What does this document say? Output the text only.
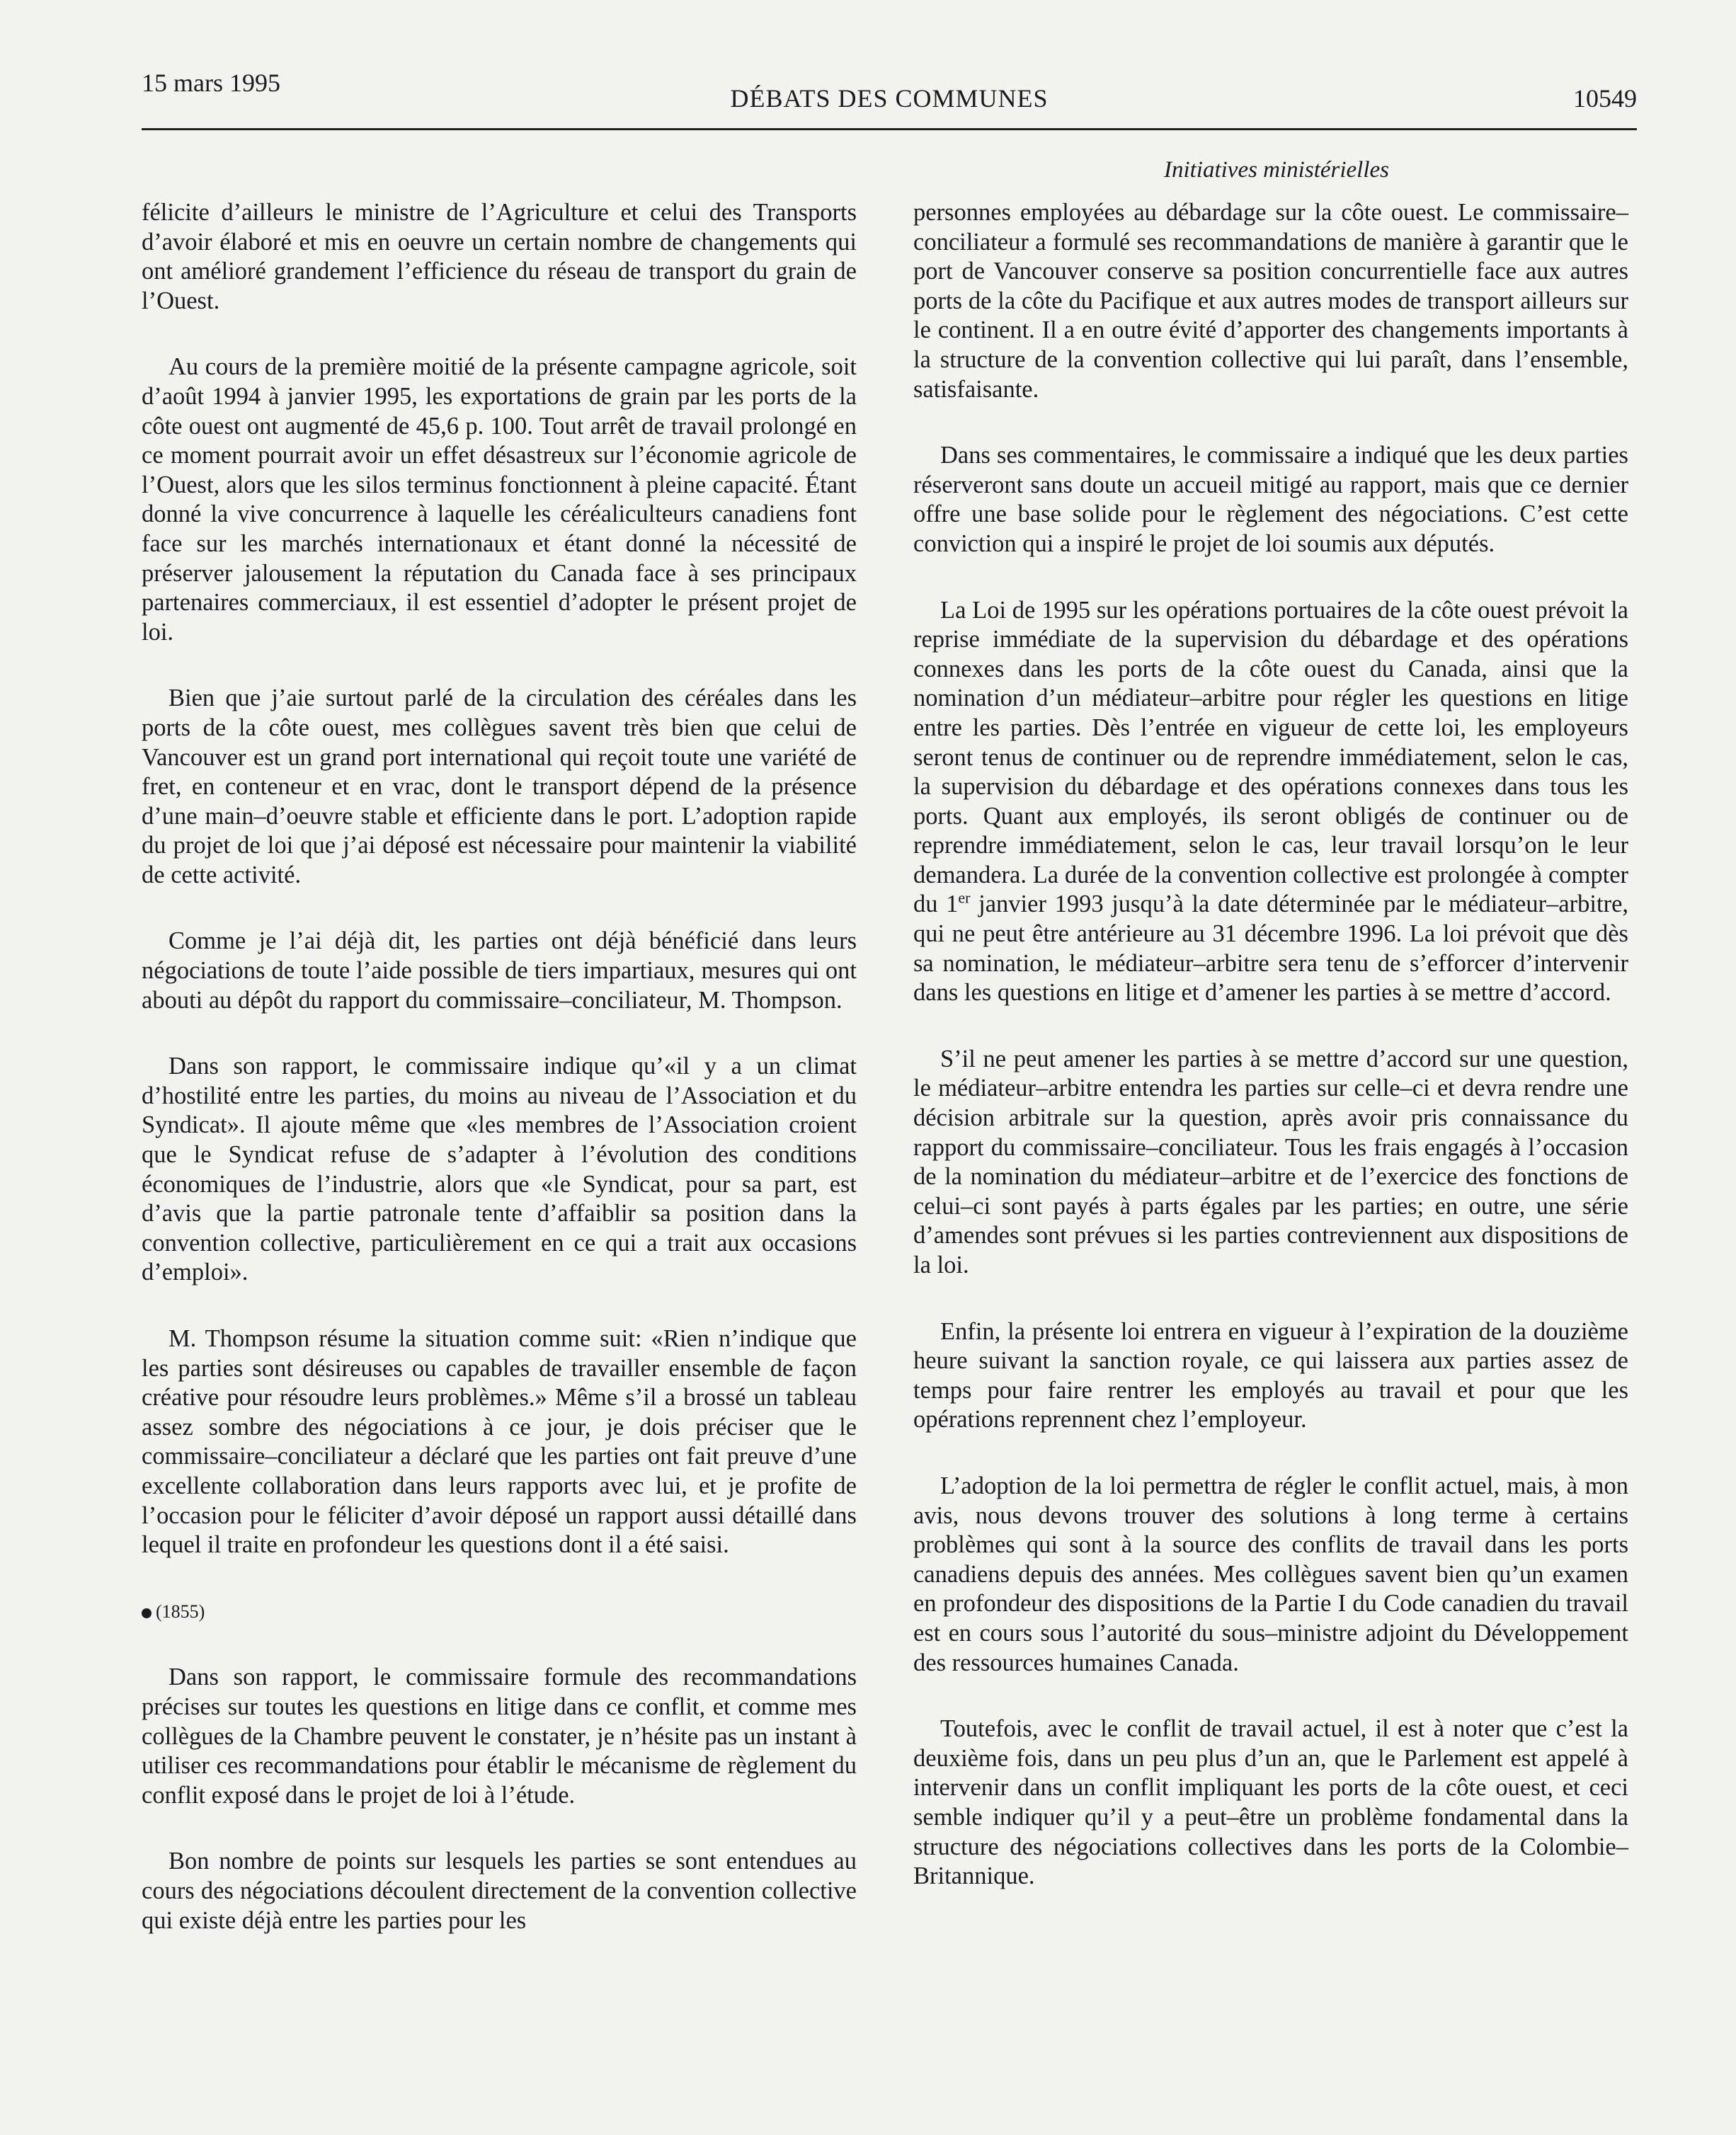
15 mars 1995
DÉBATS DES COMMUNES	10549
Initiatives ministérielles

félicite d’ailleurs le ministre de l’Agriculture et celui des Transports d’avoir élaboré et mis en oeuvre un certain nombre de changements qui ont amélioré grandement l’efficience du réseau de transport du grain de l’Ouest.

Au cours de la première moitié de la présente campagne agricole, soit d’août 1994 à janvier 1995, les exportations de grain par les ports de la côte ouest ont augmenté de 45,6 p. 100. Tout arrêt de travail prolongé en ce moment pourrait avoir un effet désastreux sur l’économie agricole de l’Ouest, alors que les silos terminus fonctionnent à pleine capacité. Étant donné la vive concurrence à laquelle les céréaliculteurs canadiens font face sur les marchés internationaux et étant donné la nécessité de préserver jalousement la réputation du Canada face à ses principaux partenaires commerciaux, il est essentiel d’adopter le présent projet de loi.

Bien que j’aie surtout parlé de la circulation des céréales dans les ports de la côte ouest, mes collègues savent très bien que celui de Vancouver est un grand port international qui reçoit toute une variété de fret, en conteneur et en vrac, dont le transport dépend de la présence d’une main–d’oeuvre stable et efficiente dans le port. L’adoption rapide du projet de loi que j’ai déposé est nécessaire pour maintenir la viabilité de cette activité.

Comme je l’ai déjà dit, les parties ont déjà bénéficié dans leurs négociations de toute l’aide possible de tiers impartiaux, mesures qui ont abouti au dépôt du rapport du commissaire–conciliateur, M. Thompson.

Dans son rapport, le commissaire indique qu’«il y a un climat d’hostilité entre les parties, du moins au niveau de l’Association et du Syndicat». Il ajoute même que «les membres de l’Association croient que le Syndicat refuse de s’adapter à l’évolution des conditions économiques de l’industrie, alors que «le Syndicat, pour sa part, est d’avis que la partie patronale tente d’affaiblir sa position dans la convention collective, particulièrement en ce qui a trait aux occasions d’emploi».

M. Thompson résume la situation comme suit: «Rien n’indique que les parties sont désireuses ou capables de travailler ensemble de façon créative pour résoudre leurs problèmes.» Même s’il a brossé un tableau assez sombre des négociations à ce jour, je dois préciser que le commissaire–conciliateur a déclaré que les parties ont fait preuve d’une excellente collaboration dans leurs rapports avec lui, et je profite de l’occasion pour le féliciter d’avoir déposé un rapport aussi détaillé dans lequel il traite en profondeur les questions dont il a été saisi.

(1855)

Dans son rapport, le commissaire formule des recommandations précises sur toutes les questions en litige dans ce conflit, et comme mes collègues de la Chambre peuvent le constater, je n’hésite pas un instant à utiliser ces recommandations pour établir le mécanisme de règlement du conflit exposé dans le projet de loi à l’étude.

Bon nombre de points sur lesquels les parties se sont entendues au cours des négociations découlent directement de la convention collective qui existe déjà entre les parties pour les

personnes employées au débardage sur la côte ouest. Le commissaire–conciliateur a formulé ses recommandations de manière à garantir que le port de Vancouver conserve sa position concurrentielle face aux autres ports de la côte du Pacifique et aux autres modes de transport ailleurs sur le continent. Il a en outre évité d’apporter des changements importants à la structure de la convention collective qui lui paraît, dans l’ensemble, satisfaisante.

Dans ses commentaires, le commissaire a indiqué que les deux parties réserveront sans doute un accueil mitigé au rapport, mais que ce dernier offre une base solide pour le règlement des négociations. C’est cette conviction qui a inspiré le projet de loi soumis aux députés.

La Loi de 1995 sur les opérations portuaires de la côte ouest prévoit la reprise immédiate de la supervision du débardage et des opérations connexes dans les ports de la côte ouest du Canada, ainsi que la nomination d’un médiateur–arbitre pour régler les questions en litige entre les parties. Dès l’entrée en vigueur de cette loi, les employeurs seront tenus de continuer ou de reprendre immédiatement, selon le cas, la supervision du débardage et des opérations connexes dans tous les ports. Quant aux employés, ils seront obligés de continuer ou de reprendre immédiatement, selon le cas, leur travail lorsqu’on le leur demandera. La durée de la convention collective est prolongée à compter du 1er janvier 1993 jusqu’à la date déterminée par le médiateur–arbitre, qui ne peut être antérieure au 31 décembre 1996. La loi prévoit que dès sa nomination, le médiateur–arbitre sera tenu de s’efforcer d’intervenir dans les questions en litige et d’amener les parties à se mettre d’accord.

S’il ne peut amener les parties à se mettre d’accord sur une question, le médiateur–arbitre entendra les parties sur celle–ci et devra rendre une décision arbitrale sur la question, après avoir pris connaissance du rapport du commissaire–conciliateur. Tous les frais engagés à l’occasion de la nomination du médiateur–arbitre et de l’exercice des fonctions de celui–ci sont payés à parts égales par les parties; en outre, une série d’amendes sont prévues si les parties contreviennent aux dispositions de la loi.

Enfin, la présente loi entrera en vigueur à l’expiration de la douzième heure suivant la sanction royale, ce qui laissera aux parties assez de temps pour faire rentrer les employés au travail et pour que les opérations reprennent chez l’employeur.

L’adoption de la loi permettra de régler le conflit actuel, mais, à mon avis, nous devons trouver des solutions à long terme à certains problèmes qui sont à la source des conflits de travail dans les ports canadiens depuis des années. Mes collègues savent bien qu’un examen en profondeur des dispositions de la Partie I du Code canadien du travail est en cours sous l’autorité du sous–ministre adjoint du Développement des ressources humaines Canada.

Toutefois, avec le conflit de travail actuel, il est à noter que c’est la deuxième fois, dans un peu plus d’un an, que le Parlement est appelé à intervenir dans un conflit impliquant les ports de la côte ouest, et ceci semble indiquer qu’il y a peut–être un problème fondamental dans la structure des négociations collectives dans les ports de la Colombie–Britannique.
